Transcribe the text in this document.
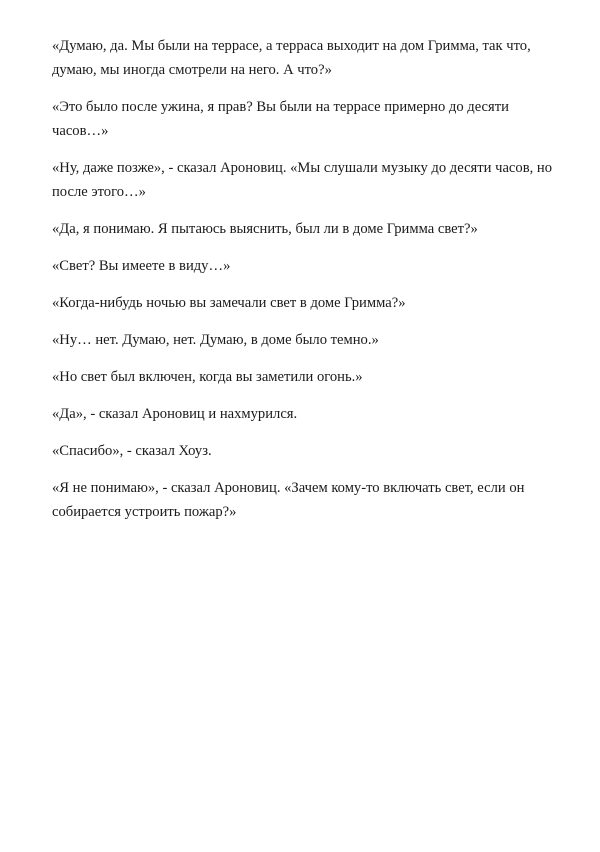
«Думаю, да. Мы были на террасе, а терраса выходит на дом Гримма, так что, думаю, мы иногда смотрели на него. А что?»

«Это было после ужина, я прав? Вы были на террасе примерно до десяти часов…»

«Ну, даже позже», - сказал Ароновиц. «Мы слушали музыку до десяти часов, но после этого…»

«Да, я понимаю. Я пытаюсь выяснить, был ли в доме Гримма свет?»

«Свет? Вы имеете в виду…»

«Когда-нибудь ночью вы замечали свет в доме Гримма?»

«Ну… нет. Думаю, нет. Думаю, в доме было темно.»

«Но свет был включен, когда вы заметили огонь.»

«Да», - сказал Ароновиц и нахмурился.

«Спасибо», - сказал Хоуз.

«Я не понимаю», - сказал Ароновиц. «Зачем кому-то включать свет, если он собирается устроить пожар?»
